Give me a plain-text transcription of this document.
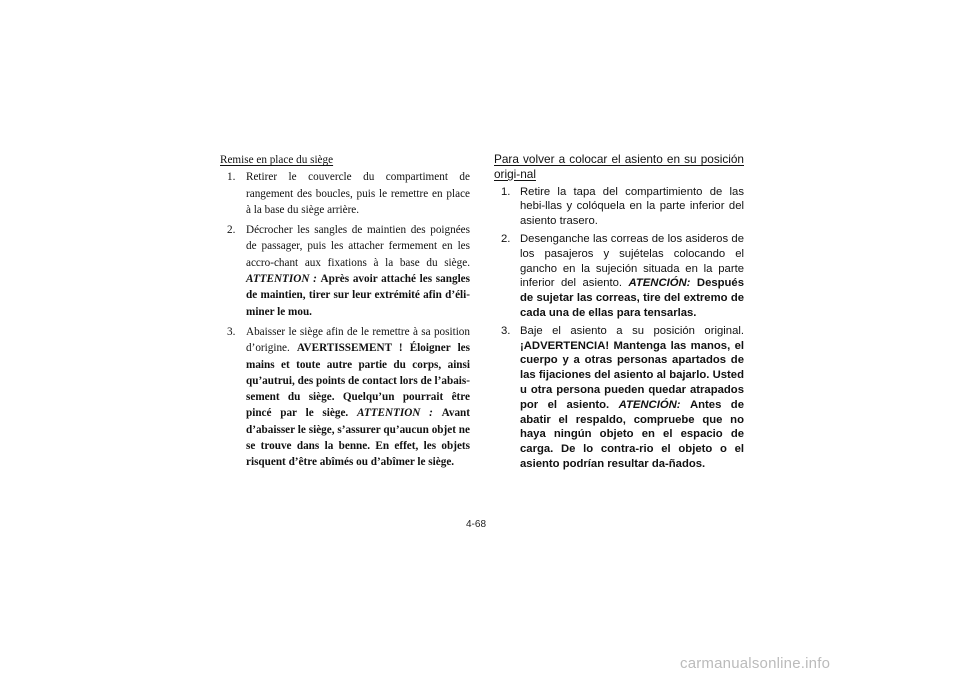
Remise en place du siège
1. Retirer le couvercle du compartiment de rangement des boucles, puis le remettre en place à la base du siège arrière.
2. Décrocher les sangles de maintien des poignées de passager, puis les attacher fermement en les accro-chant aux fixations à la base du siège. ATTENTION : Après avoir attaché les sangles de maintien, tirer sur leur extrémité afin d’éli-miner le mou.
3. Abaisser le siège afin de le remettre à sa position d’origine. AVERTISSEMENT ! Éloigner les mains et toute autre partie du corps, ainsi qu’autrui, des points de contact lors de l’abais-sement du siège. Quelqu’un pourrait être pincé par le siège. ATTENTION : Avant d’abaisser le siège, s’assurer qu’aucun objet ne se trouve dans la benne. En effet, les objets risquent d’être abîmés ou d’abîmer le siège.
Para volver a colocar el asiento en su posición origi-nal
1. Retire la tapa del compartimiento de las hebi-llas y colóquela en la parte inferior del asiento trasero.
2. Desenganche las correas de los asideros de los pasajeros y sujételas colocando el gancho en la sujeción situada en la parte inferior del asiento. ATENCIÓN: Después de sujetar las correas, tire del extremo de cada una de ellas para tensarlas.
3. Baje el asiento a su posición original. ¡ADVERTENCIA! Mantenga las manos, el cuerpo y a otras personas apartados de las fijaciones del asiento al bajarlo. Usted u otra persona pueden quedar atrapados por el asiento. ATENCIÓN: Antes de abatir el respaldo, compruebe que no haya ningún objeto en el espacio de carga. De lo contra-rio el objeto o el asiento podrían resultar da-ñados.
4-68
carmanualsonline.info
